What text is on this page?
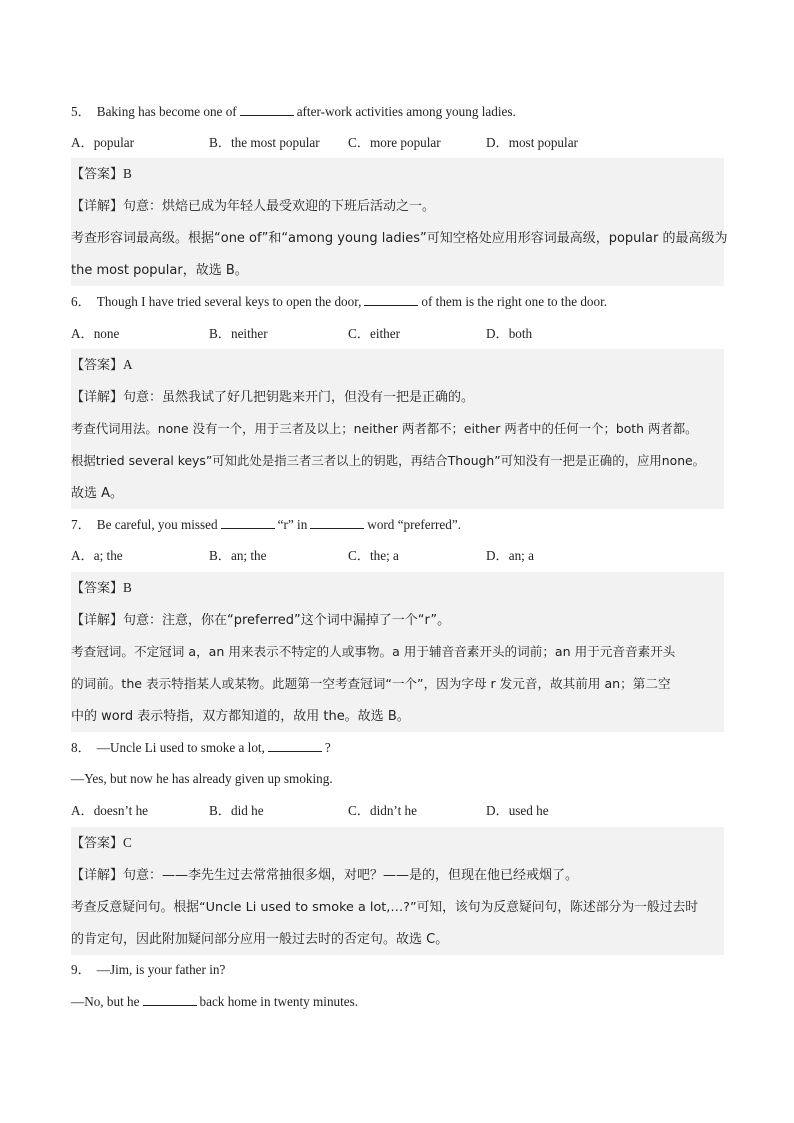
5． Baking has become one of	after-work activities among young ladies.
A．popular	B．the most popular	C．more popular	D．most popular
【答案】B
【详解】句意：烘焙已成为年轻人最受欢迎的下班后活动之一。
考查形容词最高级。根据“one of”和“among young ladies”可知空格处应用形容词最高级，popular 的最高级为
the most popular，故选 B。
6． Though I have tried several keys to open the door,	of them is the right one to the door.
A．none	B．neither	C．either	D．both
【答案】A
【详解】句意：虽然我试了好几把钥匙来开门，但没有一把是正确的。
考查代词用法。none 没有一个，用于三者及以上；neither 两者都不；either 两者中的任何一个；both 两者都。
根据tried several keys”可知此处是指三者三者以上的钥匙，再结合Though”可知没有一把是正确的，应用none。
故选 A。
7． Be careful, you missed	“r” in	word “preferred”.
A．a; the	B．an; the	C．the; a	D．an; a
【答案】B
【详解】句意：注意，你在“preferred”这个词中漏掉了一个“r”。
考查冠词。不定冠词 a，an 用来表示不特定的人或事物。a 用于辅音音素开头的词前；an 用于元音音素开头
的词前。the 表示特指某人或某物。此题第一空考查冠词“一个”，因为字母 r 发元音，故其前用 an；第二空
中的 word 表示特指，双方都知道的，故用 the。故选 B。
8． —Uncle Li used to smoke a lot,	?
—Yes, but now he has already given up smoking.
A．doesn’t he	B．did he	C．didn’t he	D．used he
【答案】C
【详解】句意：——李先生过去常常抽很多烟，对吧？——是的，但现在他已经戒烟了。
考查反意疑问句。根据“Uncle Li used to smoke a lot,…?”可知，该句为反意疑问句，陈述部分为一般过去时
的肯定句，因此附加疑问部分应用一般过去时的否定句。故选 C。
9． —Jim, is your father in?
—No, but he	back home in twenty minutes.
